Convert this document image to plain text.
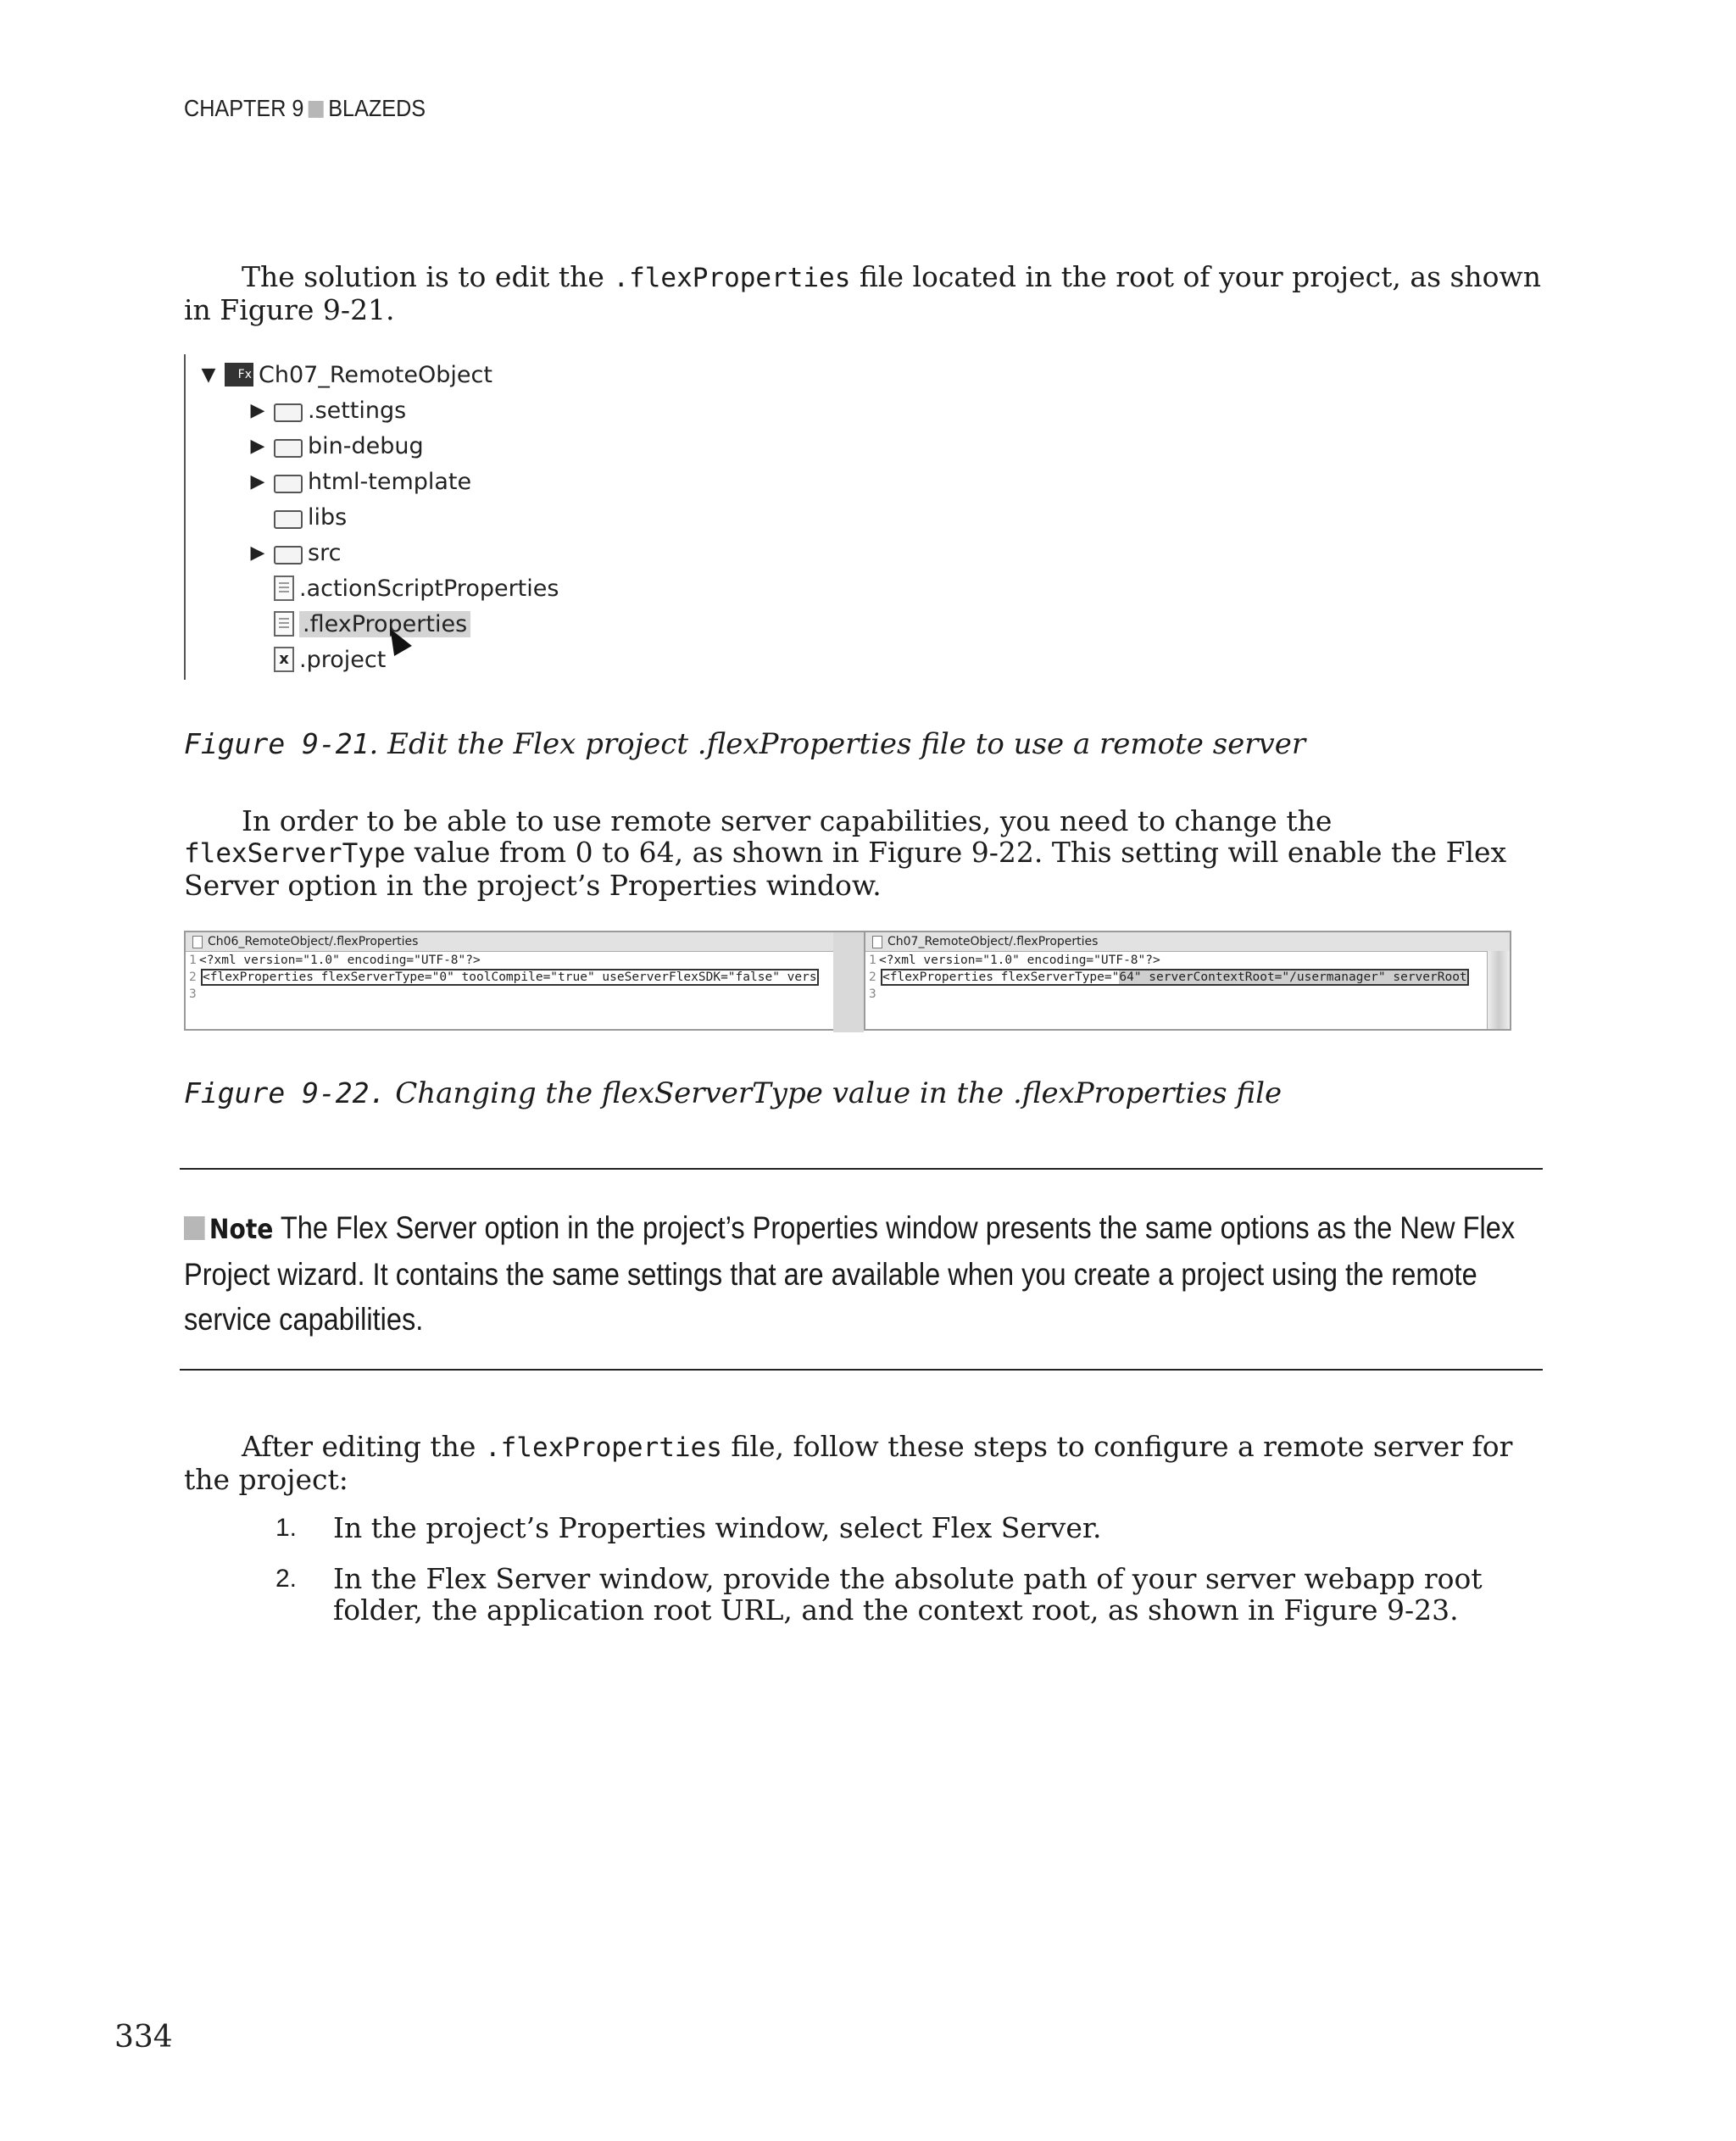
CHAPTER 9 BLAZEDS
The solution is to edit the .flexProperties file located in the root of your project, as shown in Figure 9-21.
▼	Fx Ch07_RemoteObject
▶ .settings
▶ bin-debug
▶ html-template
libs
▶ src
.actionScriptProperties
.flexProperties
x .project
Figure 9-21. Edit the Flex project .flexProperties file to use a remote server
In order to be able to use remote server capabilities, you need to change the flexServerType value from 0 to 64, as shown in Figure 9-22. This setting will enable the Flex Server option in the project’s Properties window.
Ch06_RemoteObject/.flexProperties
1 <?xml version="1.0" encoding="UTF-8"?>
2 <flexProperties flexServerType="0" toolCompile="true" useServerFlexSDK="false" vers
3
Ch07_RemoteObject/.flexProperties
1 <?xml version="1.0" encoding="UTF-8"?>
2 <flexProperties flexServerType="64" serverContextRoot="/usermanager" serverRoot
3
Figure 9-22. Changing the flexServerType value in the .flexProperties file
Note The Flex Server option in the project’s Properties window presents the same options as the New Flex Project wizard. It contains the same settings that are available when you create a project using the remote service capabilities.
After editing the .flexProperties file, follow these steps to configure a remote server for the project:
1. In the project’s Properties window, select Flex Server.
2. In the Flex Server window, provide the absolute path of your server webapp root folder, the application root URL, and the context root, as shown in Figure 9-23.
334
